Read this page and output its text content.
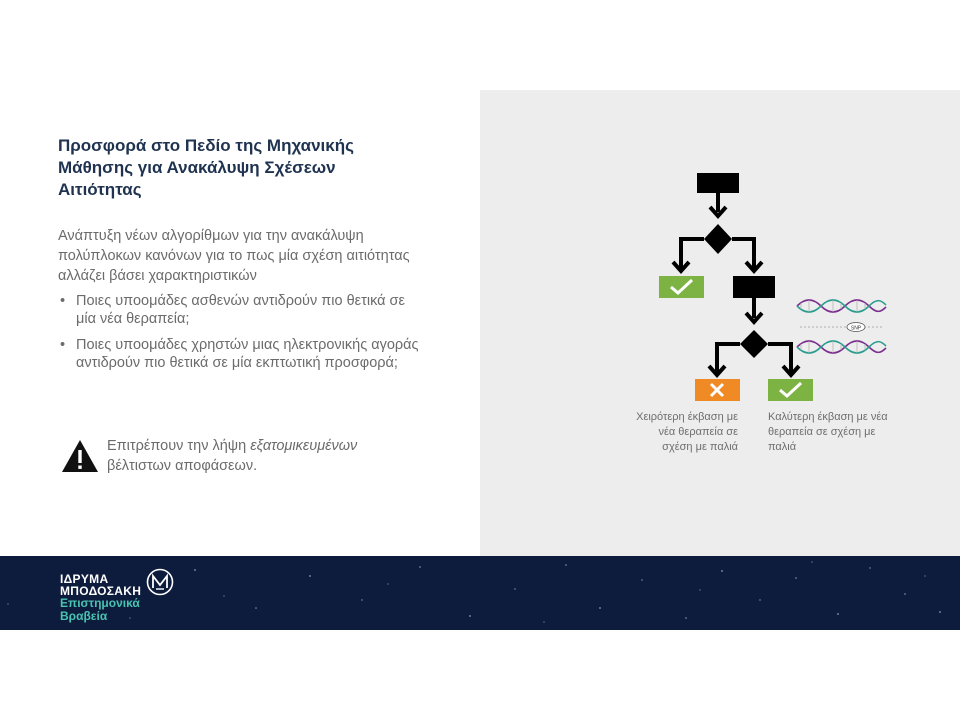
Προσφορά στο Πεδίο της Μηχανικής Μάθησης για Ανακάλυψη Σχέσεων Αιτιότητας

Ανάπτυξη νέων αλγορίθμων για την ανακάλυψη πολύπλοκων κανόνων για το πως μία σχέση αιτιότητας αλλάζει βάσει χαρακτηριστικών

• Ποιες υποομάδες ασθενών αντιδρούν πιο θετικά σε μία νέα θεραπεία;
• Ποιες υποομάδες χρηστών μιας ηλεκτρονικής αγοράς αντιδρούν πιο θετικά σε μία εκπτωτική προσφορά;
Επιτρέπουν την λήψη εξατομικευμένων βέλτιστων αποφάσεων.
SNP
Χειρότερη έκβαση με νέα θεραπεία σε σχέση με παλιά
Καλύτερη έκβαση με νέα θεραπεία σε σχέση με παλιά
ΙΔΡΥΜΑ
ΜΠΟΔΟΣΑΚΗ
Επιστημονικά
Βραβεία
